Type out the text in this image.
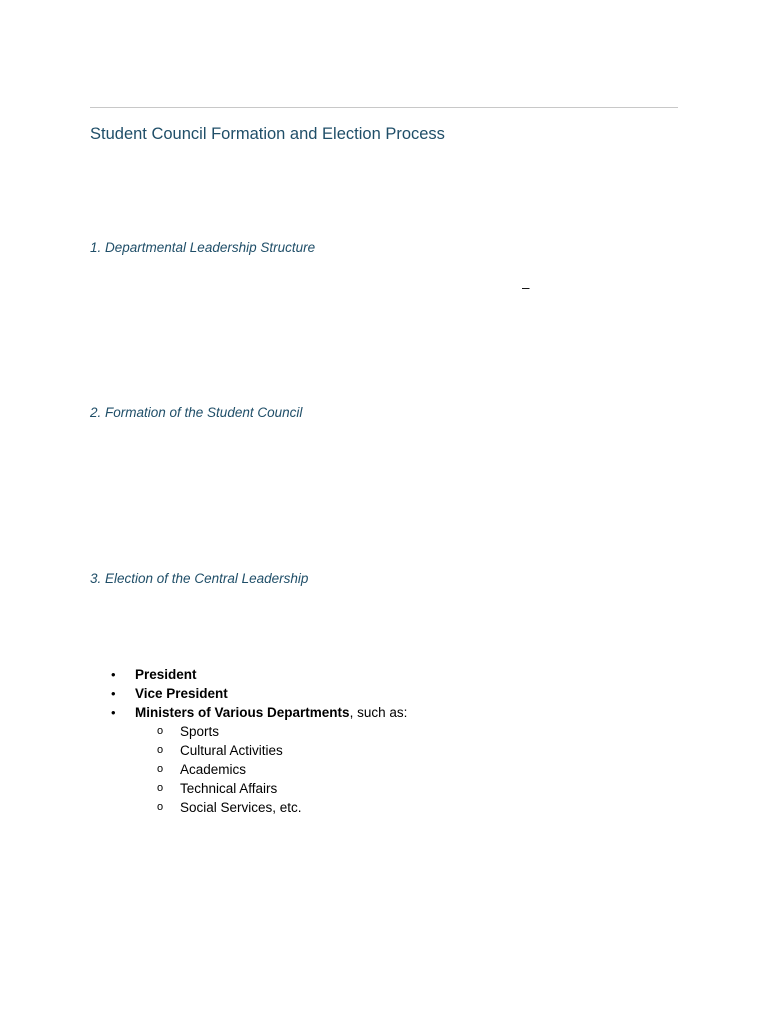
Student Council Formation and Election Process
1. Departmental Leadership Structure
–
2. Formation of the Student Council
3. Election of the Central Leadership
• President
• Vice President
• Ministers of Various Departments, such as:
o Sports
o Cultural Activities
o Academics
o Technical Affairs
o Social Services, etc.
